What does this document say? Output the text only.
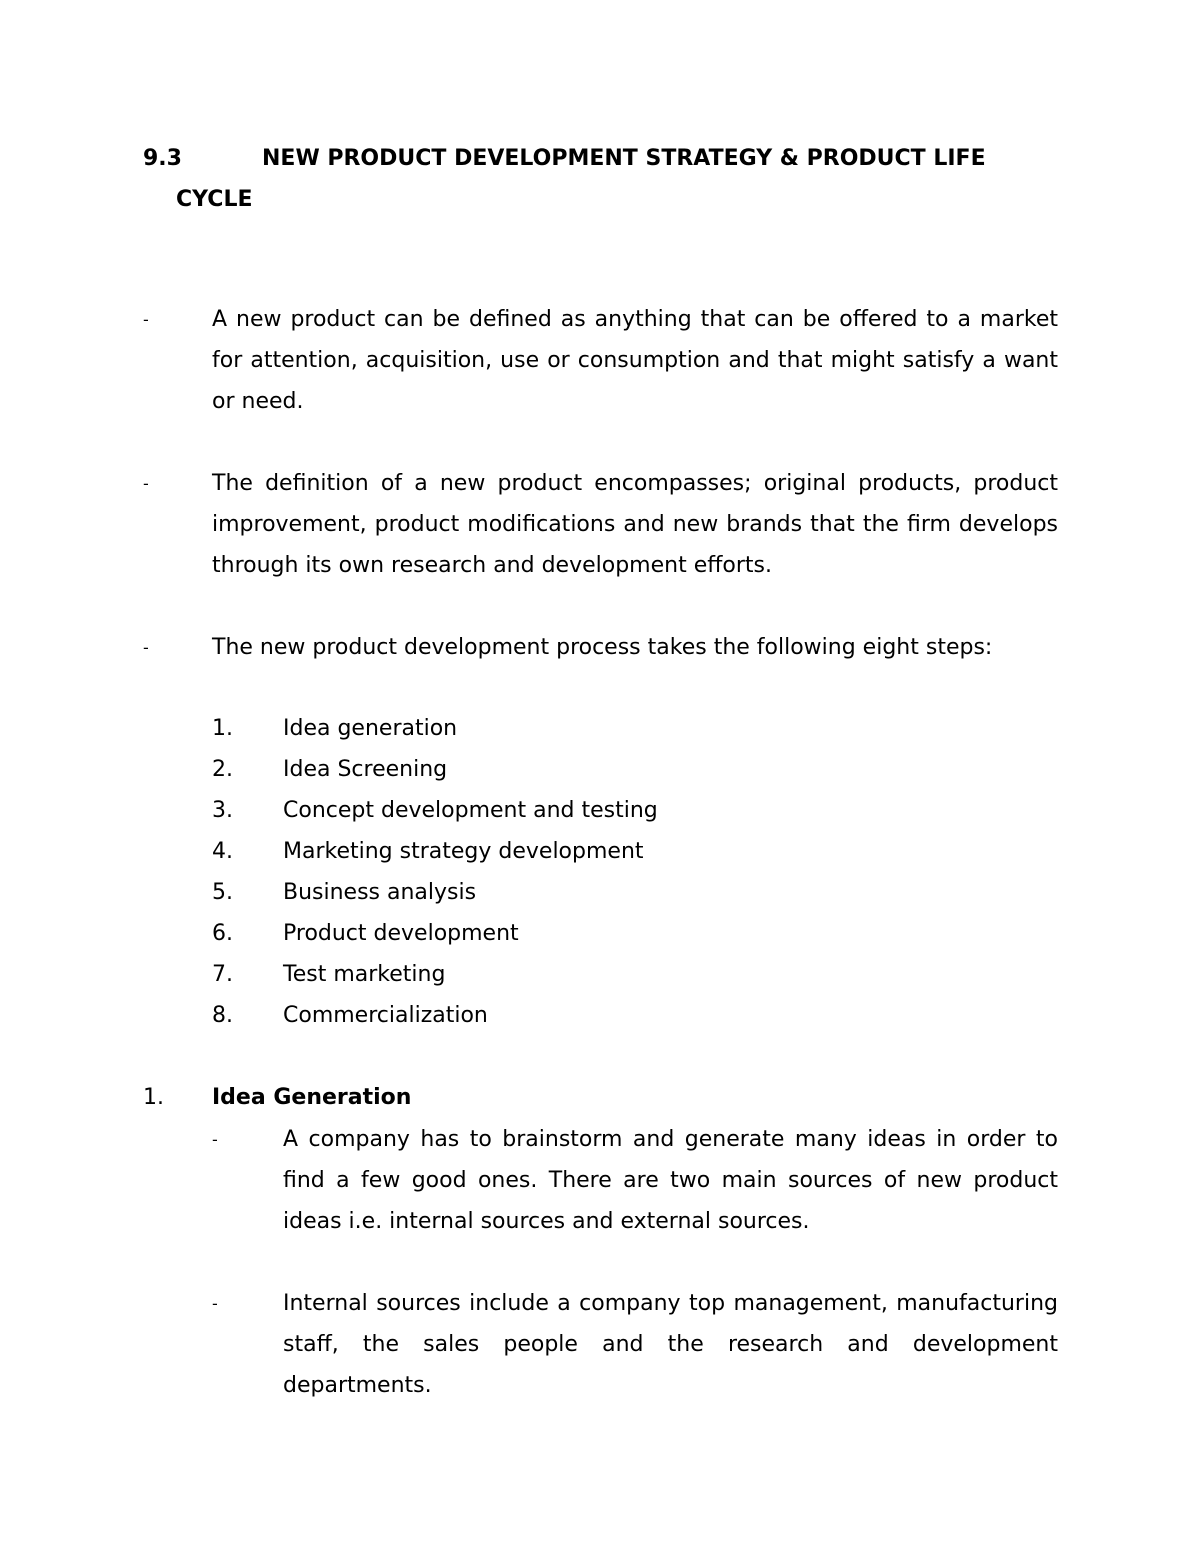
9.3	NEW PRODUCT DEVELOPMENT STRATEGY & PRODUCT LIFE
CYCLE
-	A new product can be defined as anything that can be offered to a market for attention, acquisition, use or consumption and that might satisfy a want or need.
-	The definition of a new product encompasses; original products, product improvement, product modifications and new brands that the firm develops through its own research and development efforts.
-	The new product development process takes the following eight steps:
1. Idea generation
2. Idea Screening
3. Concept development and testing
4. Marketing strategy development
5. Business analysis
6. Product development
7. Test marketing
8. Commercialization
1. Idea Generation
-	A company has to brainstorm and generate many ideas in order to find a few good ones. There are two main sources of new product ideas i.e. internal sources and external sources.
-	Internal sources include a company top management, manufacturing staff, the sales people and the research and development departments.
